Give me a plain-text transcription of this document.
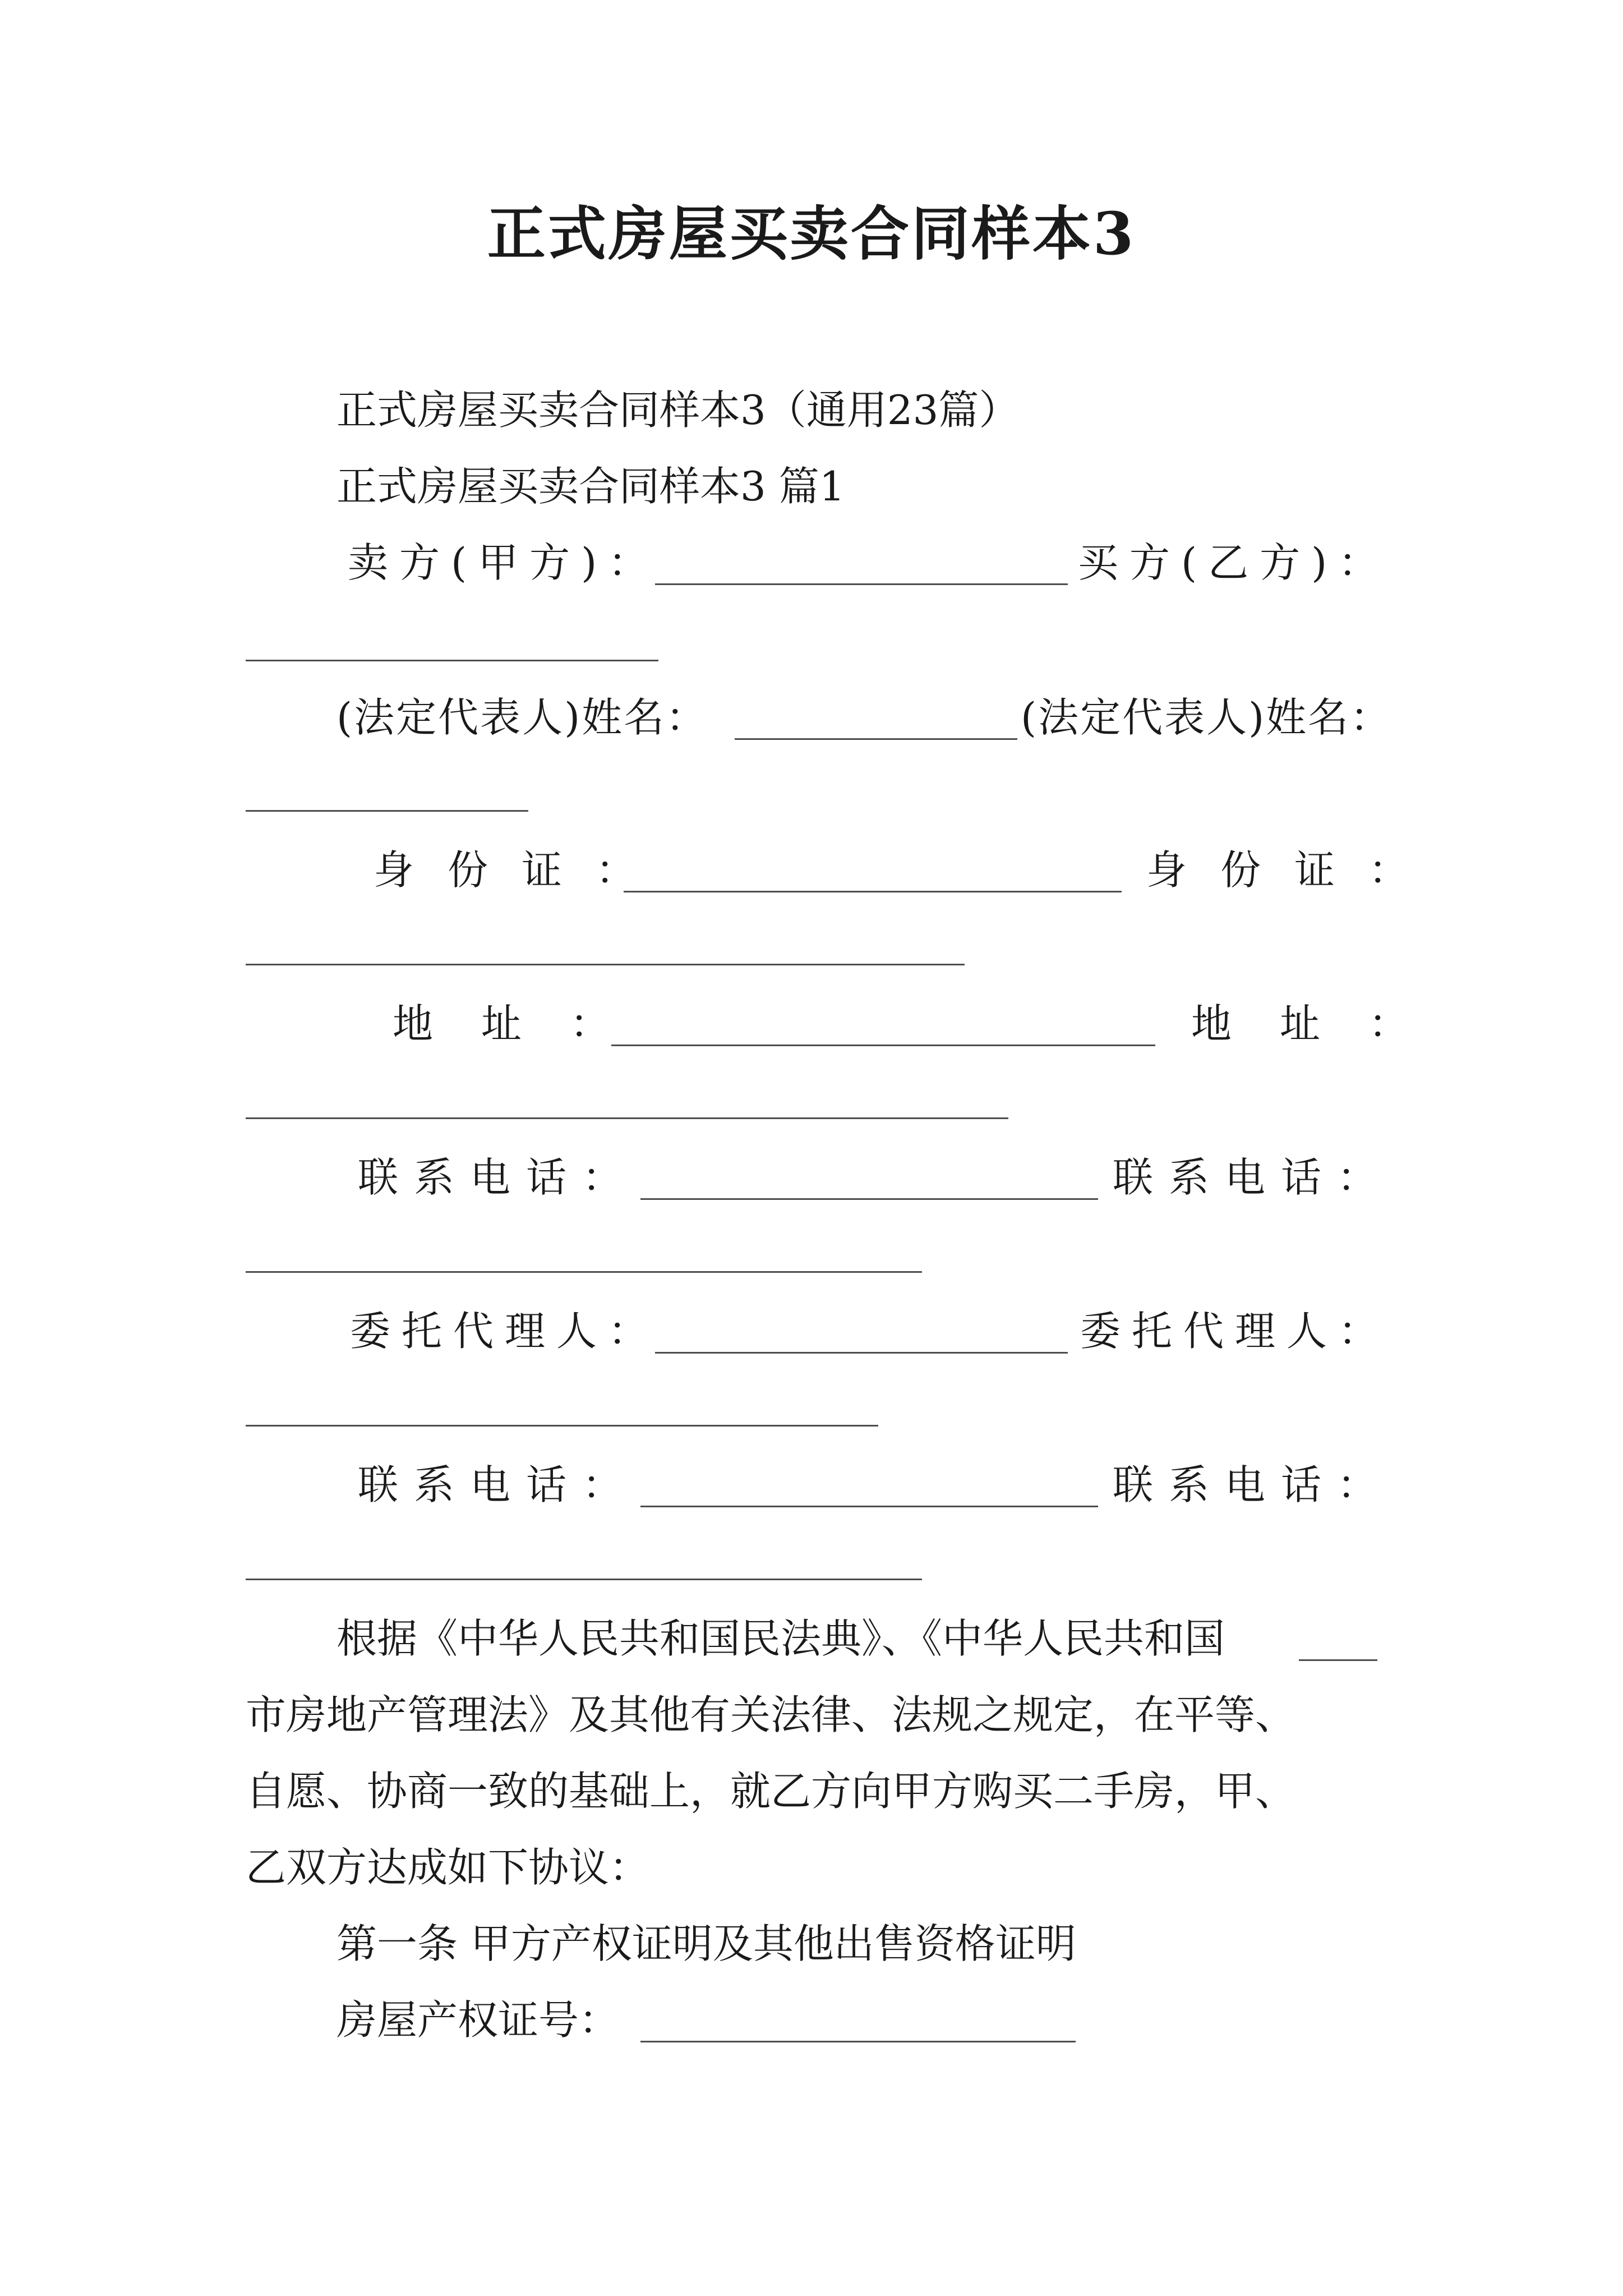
正式房屋买卖合同样本3
正式房屋买卖合同样本3（通用23篇）
正式房屋买卖合同样本3 篇1
卖方(甲方)：	买方(乙方)：
(法定代表人)姓名：	(法定代表人)姓名：
身份证：	身份证：
地址：	地址：
联系电话：	联系电话：
委托代理人：	委托代理人：
联系电话：	联系电话：
根据《中华人民共和国民法典》、《中华人民共和国
市房地产管理法》及其他有关法律、法规之规定，在平等、
自愿、协商一致的基础上，就乙方向甲方购买二手房，甲、
乙双方达成如下协议：
第一条 甲方产权证明及其他出售资格证明
房屋产权证号：
